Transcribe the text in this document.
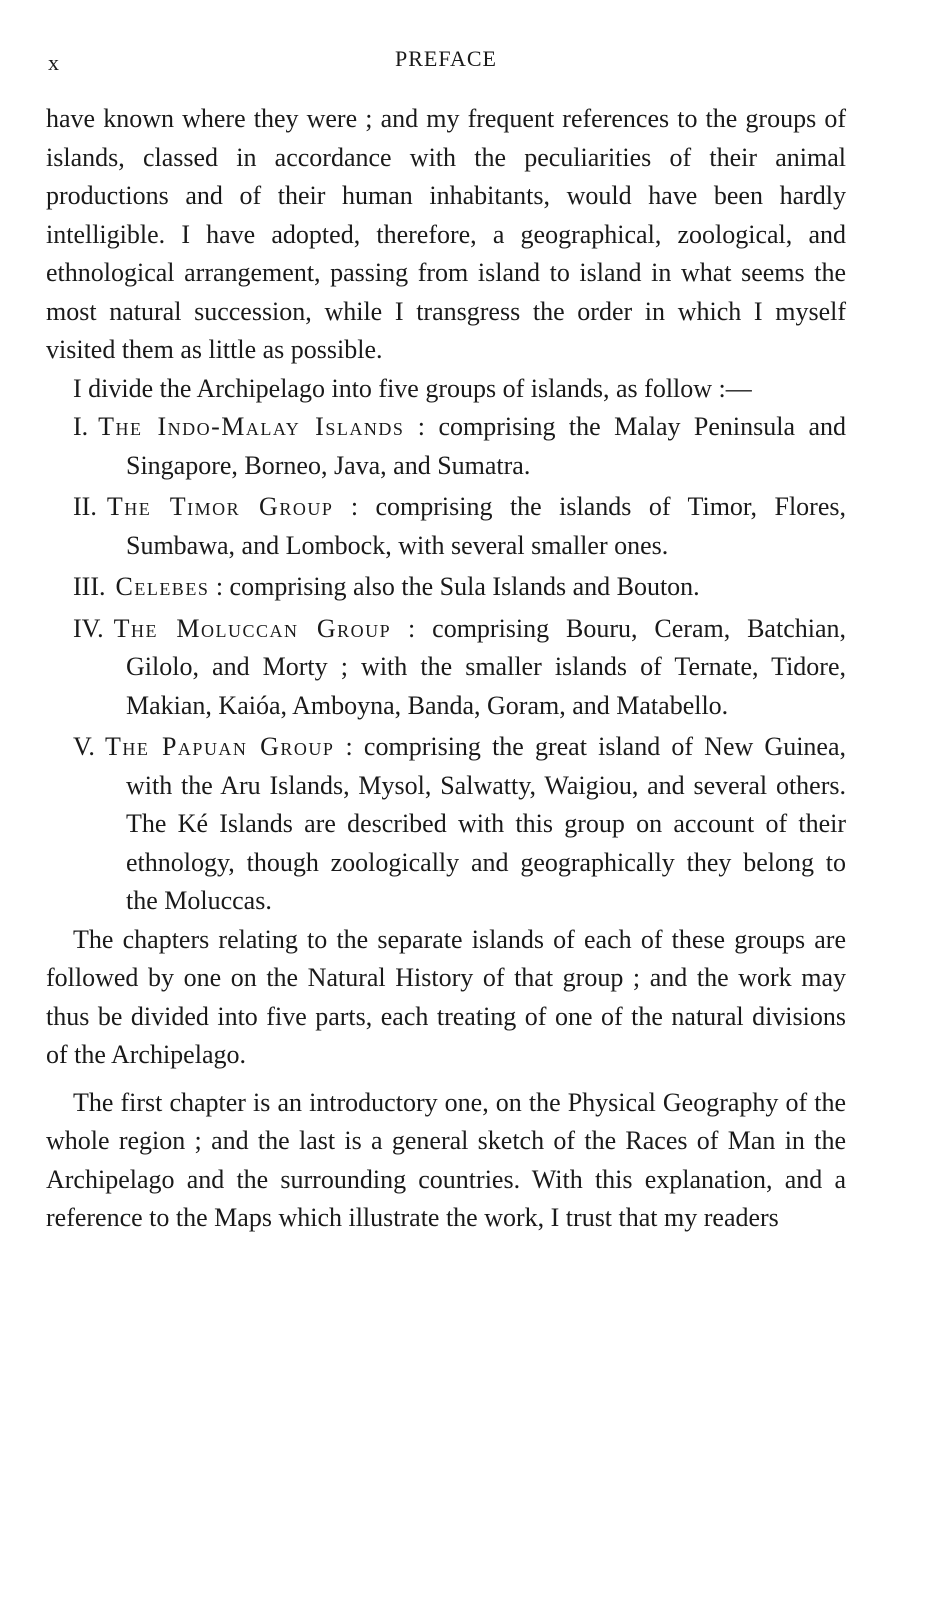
x	PREFACE

have known where they were ; and my frequent references to the groups of islands, classed in accordance with the peculiarities of their animal productions and of their human inhabitants, would have been hardly intelligible. I have adopted, therefore, a geographical, zoological, and ethnological arrangement, passing from island to island in what seems the most natural succession, while I transgress the order in which I myself visited them as little as possible.

I divide the Archipelago into five groups of islands, as follow :—

I. The Indo-Malay Islands : comprising the Malay Peninsula and Singapore, Borneo, Java, and Sumatra.
II. The Timor Group : comprising the islands of Timor, Flores, Sumbawa, and Lombock, with several smaller ones.
III. Celebes : comprising also the Sula Islands and Bouton.
IV. The Moluccan Group : comprising Bouru, Ceram, Batchian, Gilolo, and Morty ; with the smaller islands of Ternate, Tidore, Makian, Kaióa, Amboyna, Banda, Goram, and Matabello.
V. The Papuan Group : comprising the great island of New Guinea, with the Aru Islands, Mysol, Salwatty, Waigiou, and several others. The Ké Islands are described with this group on account of their ethnology, though zoologically and geographically they belong to the Moluccas.

The chapters relating to the separate islands of each of these groups are followed by one on the Natural History of that group ; and the work may thus be divided into five parts, each treating of one of the natural divisions of the Archipelago.

The first chapter is an introductory one, on the Physical Geography of the whole region ; and the last is a general sketch of the Races of Man in the Archipelago and the surrounding countries. With this explanation, and a reference to the Maps which illustrate the work, I trust that my readers
